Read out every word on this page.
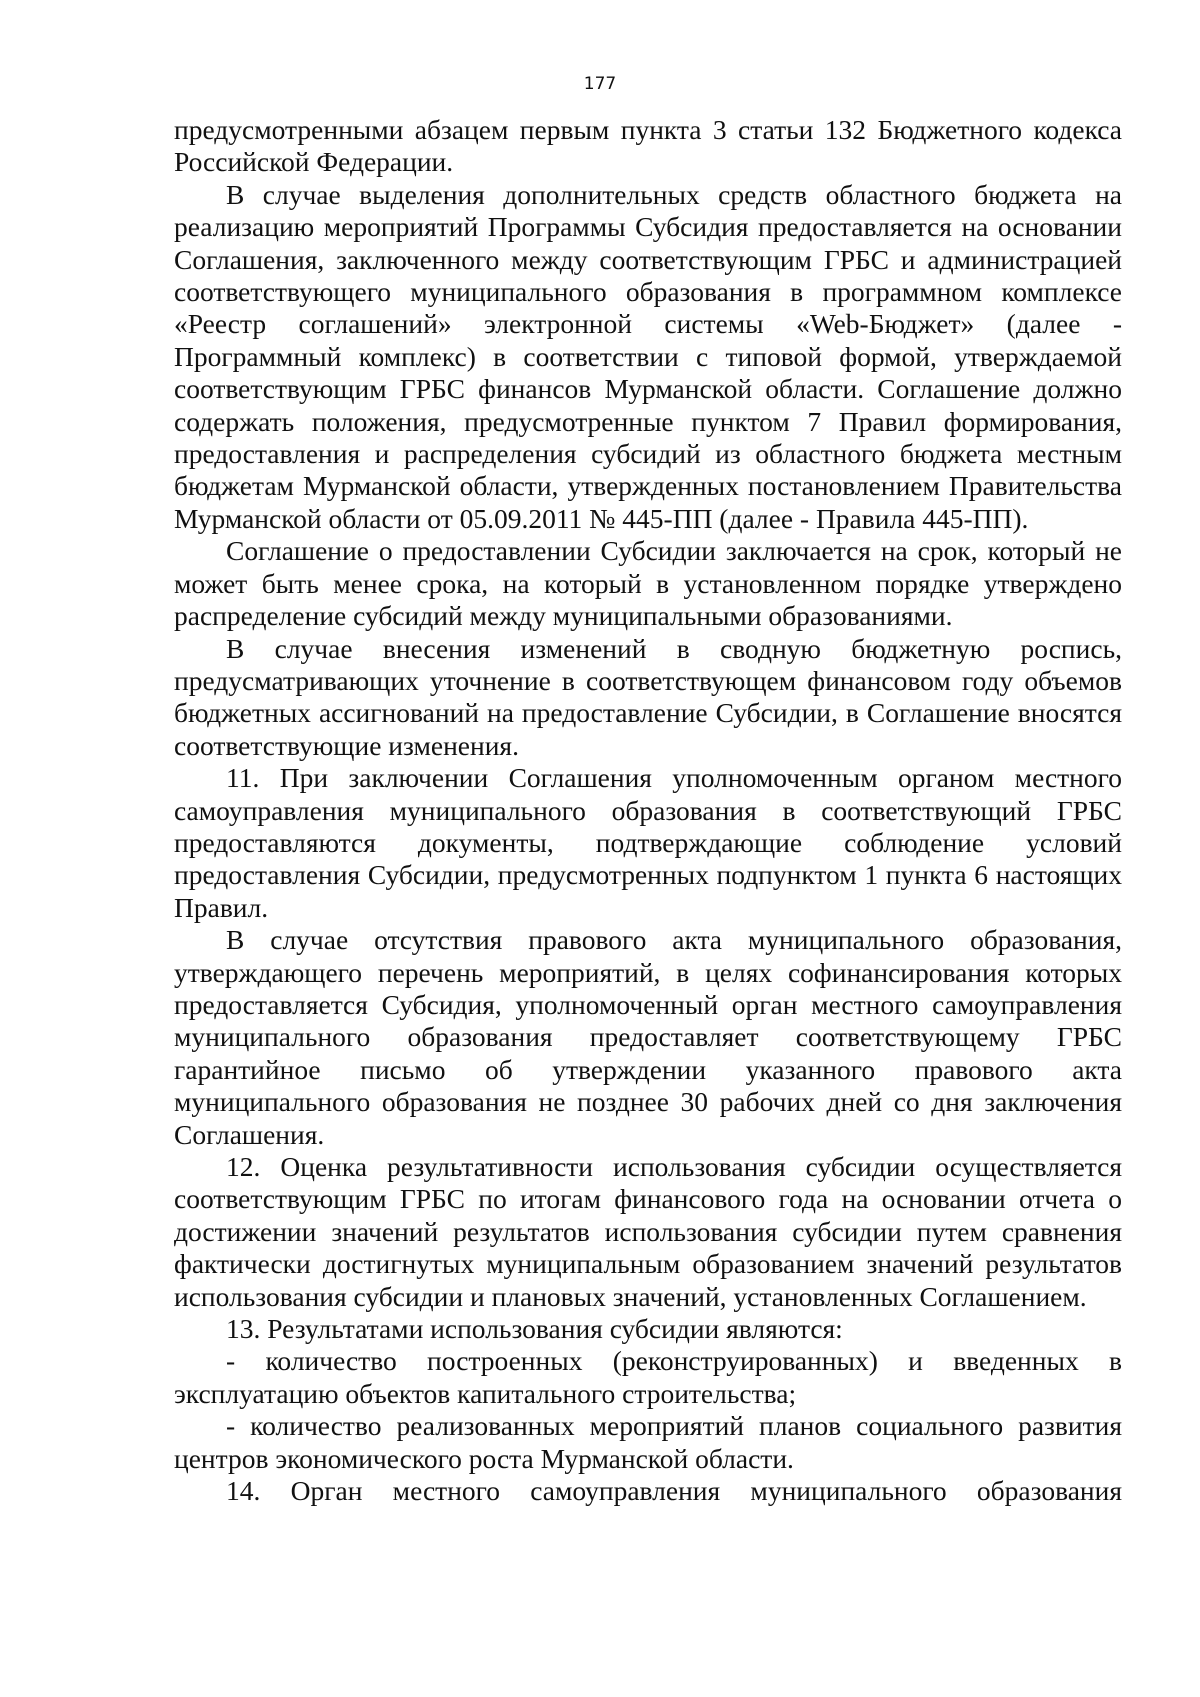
177

предусмотренными абзацем первым пункта 3 статьи 132 Бюджетного кодекса Российской Федерации.

В случае выделения дополнительных средств областного бюджета на реализацию мероприятий Программы Субсидия предоставляется на основании Соглашения, заключенного между соответствующим ГРБС и администрацией соответствующего муниципального образования в программном комплексе «Реестр соглашений» электронной системы «Web-Бюджет» (далее - Программный комплекс) в соответствии с типовой формой, утверждаемой соответствующим ГРБС финансов Мурманской области. Соглашение должно содержать положения, предусмотренные пунктом 7 Правил формирования, предоставления и распределения субсидий из областного бюджета местным бюджетам Мурманской области, утвержденных постановлением Правительства Мурманской области от 05.09.2011 № 445-ПП (далее - Правила 445-ПП).

Соглашение о предоставлении Субсидии заключается на срок, который не может быть менее срока, на который в установленном порядке утверждено распределение субсидий между муниципальными образованиями.

В случае внесения изменений в сводную бюджетную роспись, предусматривающих уточнение в соответствующем финансовом году объемов бюджетных ассигнований на предоставление Субсидии, в Соглашение вносятся соответствующие изменения.

11. При заключении Соглашения уполномоченным органом местного самоуправления муниципального образования в соответствующий ГРБС предоставляются документы, подтверждающие соблюдение условий предоставления Субсидии, предусмотренных подпунктом 1 пункта 6 настоящих Правил.

В случае отсутствия правового акта муниципального образования, утверждающего перечень мероприятий, в целях софинансирования которых предоставляется Субсидия, уполномоченный орган местного самоуправления муниципального образования предоставляет соответствующему ГРБС гарантийное письмо об утверждении указанного правового акта муниципального образования не позднее 30 рабочих дней со дня заключения Соглашения.

12. Оценка результативности использования субсидии осуществляется соответствующим ГРБС по итогам финансового года на основании отчета о достижении значений результатов использования субсидии путем сравнения фактически достигнутых муниципальным образованием значений результатов использования субсидии и плановых значений, установленных Соглашением.

13. Результатами использования субсидии являются:

- количество построенных (реконструированных) и введенных в эксплуатацию объектов капитального строительства;

- количество реализованных мероприятий планов социального развития центров экономического роста Мурманской области.

14. Орган местного самоуправления муниципального образования
